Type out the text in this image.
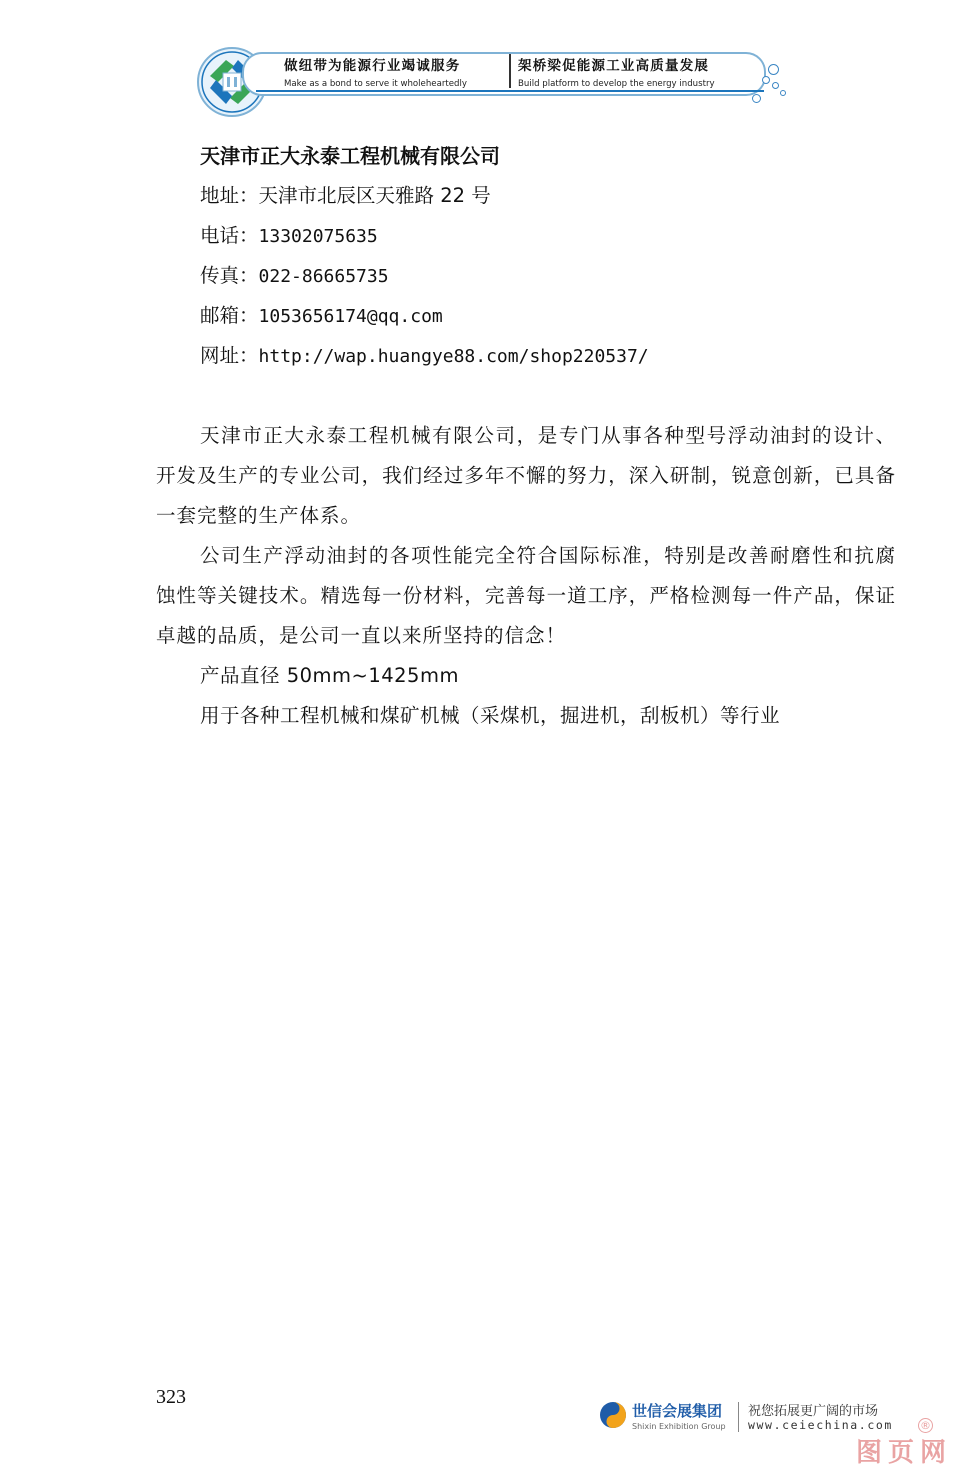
做纽带为能源行业竭诚服务
Make as a bond to serve it wholeheartedly
架桥梁促能源工业高质量发展
Build platform to develop the energy industry
天津市正大永泰工程机械有限公司
地址：天津市北辰区天雅路 22 号
电话：13302075635
传真：022-86665735
邮箱：1053656174@qq.com
网址：http://wap.huangye88.com/shop220537/

天津市正大永泰工程机械有限公司，是专门从事各种型号浮动油封的设计、开发及生产的专业公司，我们经过多年不懈的努力，深入研制，锐意创新，已具备一套完整的生产体系。

公司生产浮动油封的各项性能完全符合国际标准，特别是改善耐磨性和抗腐蚀性等关键技术。精选每一份材料，完善每一道工序，严格检测每一件产品，保证卓越的品质，是公司一直以来所坚持的信念！

产品直径 50mm~1425mm

用于各种工程机械和煤矿机械（采煤机，掘进机，刮板机）等行业

323
世信会展集团
Shixin Exhibition Group
祝您拓展更广阔的市场
www.ceiechina.com ®
图页网
